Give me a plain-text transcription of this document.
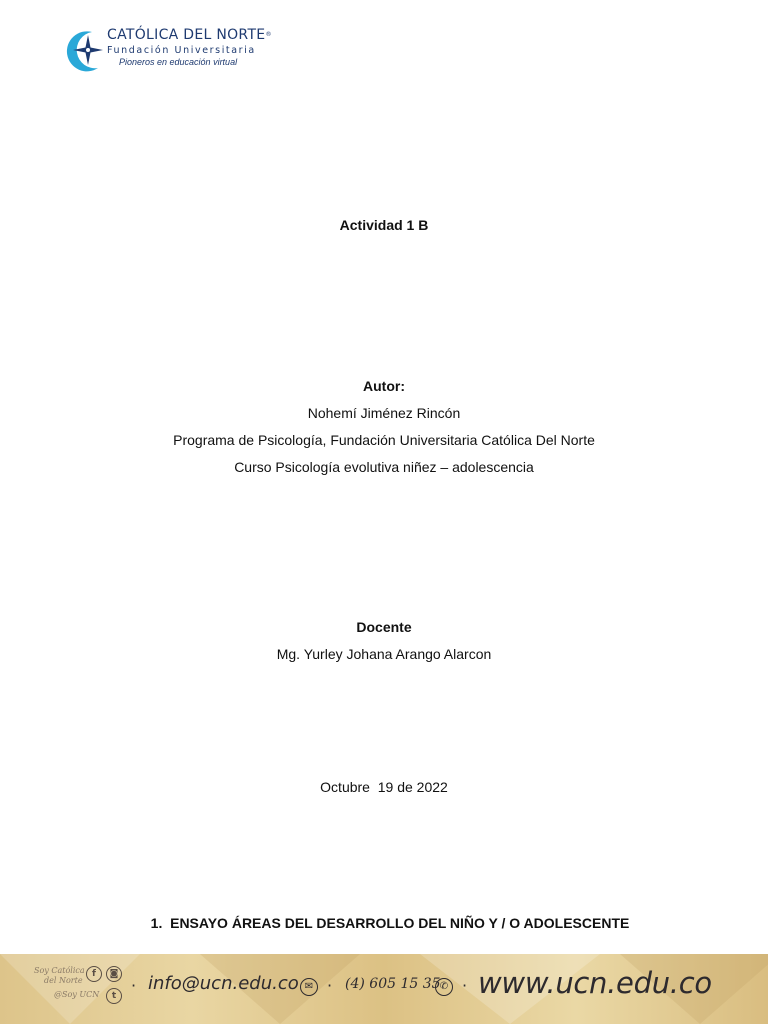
CATÓLICA DEL NORTE®
Fundación Universitaria
Pioneros en educación virtual
Actividad 1 B
Autor:
Nohemí Jiménez Rincón
Programa de Psicología, Fundación Universitaria Católica Del Norte
Curso Psicología evolutiva niñez – adolescencia
Docente
Mg. Yurley Johana Arango Alarcon
Octubre  19 de 2022
1.  ENSAYO ÁREAS DEL DESARROLLO DEL NIÑO Y / O ADOLESCENTE
Soy Católica
del Norte
f	◙
@Soy UCN	t
· info@ucn.edu.co ✉ · (4) 605 15 35 ✆ · www.ucn.edu.co
